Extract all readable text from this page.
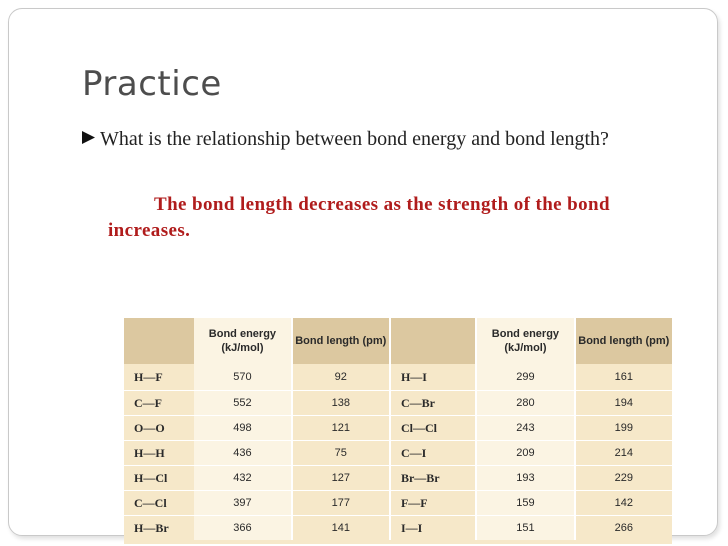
Practice
What is the relationship between bond energy and bond length?
The bond length decreases as the strength of the bond increases.
	Bond energy (kJ/mol)	Bond length (pm)		Bond energy (kJ/mol)	Bond length (pm)
H—F	570	92	H—I	299	161
C—F	552	138	C—Br	280	194
O—O	498	121	Cl—Cl	243	199
H—H	436	75	C—I	209	214
H—Cl	432	127	Br—Br	193	229
C—Cl	397	177	F—F	159	142
H—Br	366	141	I—I	151	266
